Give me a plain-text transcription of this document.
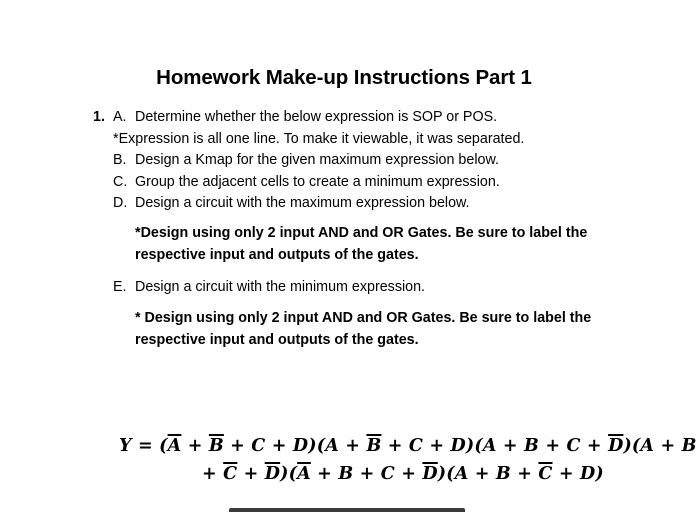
Homework Make-up Instructions Part 1
1. A. Determine whether the below expression is SOP or POS.
*Expression is all one line. To make it viewable, it was separated.
B. Design a Kmap for the given maximum expression below.
C. Group the adjacent cells to create a minimum expression.
D. Design a circuit with the maximum expression below.
*Design using only 2 input AND and OR Gates. Be sure to label the
respective input and outputs of the gates.
E. Design a circuit with the minimum expression.
* Design using only 2 input AND and OR Gates. Be sure to label the
respective input and outputs of the gates.
$Y = (\overline{A} + \overline{B} + C + D)(A + \overline{B} + C + D)(A + B + C + \overline{D})(A + B$
+ $\overline{C} + \overline{D})(\overline{A} + B + C + \overline{D})(A + B + \overline{C} + D)$
